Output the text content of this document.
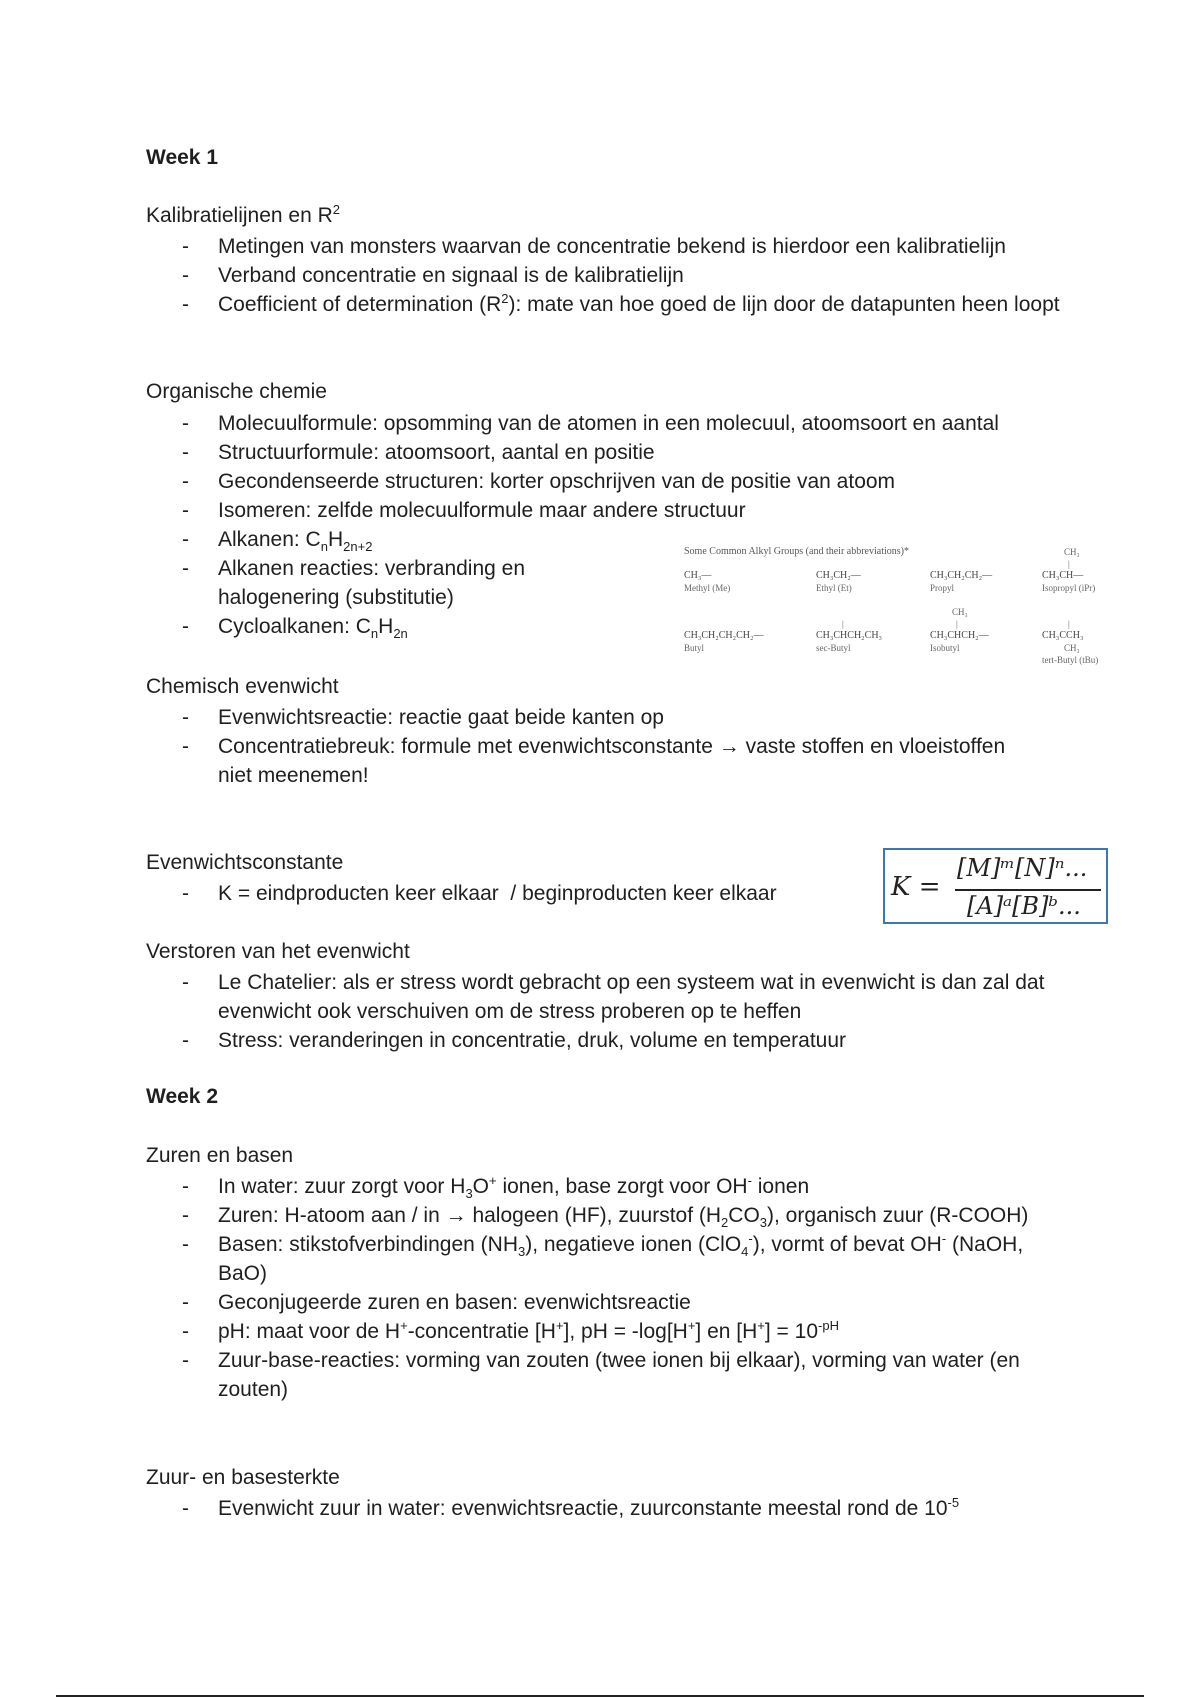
Week 1
Kalibratielijnen en $R^2$
- Metingen van monsters waarvan de concentratie bekend is hierdoor een kalibratielijn
- Verband concentratie en signaal is de kalibratielijn
- Coefficient of determination $(R^2)$: mate van hoe goed de lijn door de datapunten heen loopt
Organische chemie
- Molecuulformule: opsomming van de atomen in een molecuul, atoomsoort en aantal
- Structuurformule: atoomsoort, aantal en positie
- Gecondenseerde structuren: korter opschrijven van de positie van atoom
- Isomeren: zelfde molecuulformule maar andere structuur
- Alkanen: $C_nH_{2n+2}$
- Alkanen reacties: verbranding en halogenering (substitutie)
- Cycloalkanen: $C_nH_{2n}$
Some Common Alkyl Groups (and their abbreviations)*
CH₃—
Methyl (Me)
CH₃CH₂—
Ethyl (Et)
CH₃CH₂CH₂—
Propyl
CH₃
|
CH₃CH—
Isopropyl (iPr)
CH₃CH₂CH₂CH₂—
Butyl
|
CH₃CHCH₂CH₃
sec-Butyl
CH₃
|
CH₃CHCH₂—
Isobutyl
|
CH₃CCH₃
CH₃
tert-Butyl (tBu)
Chemisch evenwicht
- Evenwichtsreactie: reactie gaat beide kanten op
- Concentratiebreuk: formule met evenwichtsconstante → vaste stoffen en vloeistoffen niet meenemen!
Evenwichtsconstante
- K = eindproducten keer elkaar  / beginproducten keer elkaar	K =
[M]ᵐ[N]ⁿ...
[A]ᵃ[B]ᵇ...
Verstoren van het evenwicht
- Le Chatelier: als er stress wordt gebracht op een systeem wat in evenwicht is dan zal dat evenwicht ook verschuiven om de stress proberen op te heffen
- Stress: veranderingen in concentratie, druk, volume en temperatuur
Week 2
Zuren en basen
- In water: zuur zorgt voor $H_3O^+$ ionen, base zorgt voor OH- ionen
- Zuren: H-atoom aan / in → halogeen (HF), zuurstof $(H_2CO_3)$, organisch zuur (R-COOH)
- Basen: stikstofverbindingen $(NH_3)$, negatieve ionen (ClO$_4$-), vormt of bevat OH- (NaOH, BaO)
- Geconjugeerde zuren en basen: evenwichtsreactie
- pH: maat voor de H+-concentratie [H+], pH = -log[H+] en $[H^+] = 10^{-pH}$
- Zuur-base-reacties: vorming van zouten (twee ionen bij elkaar), vorming van water (en zouten)
Zuur- en basesterkte
- Evenwicht zuur in water: evenwichtsreactie, zuurconstante meestal rond de $10^{-5}$
